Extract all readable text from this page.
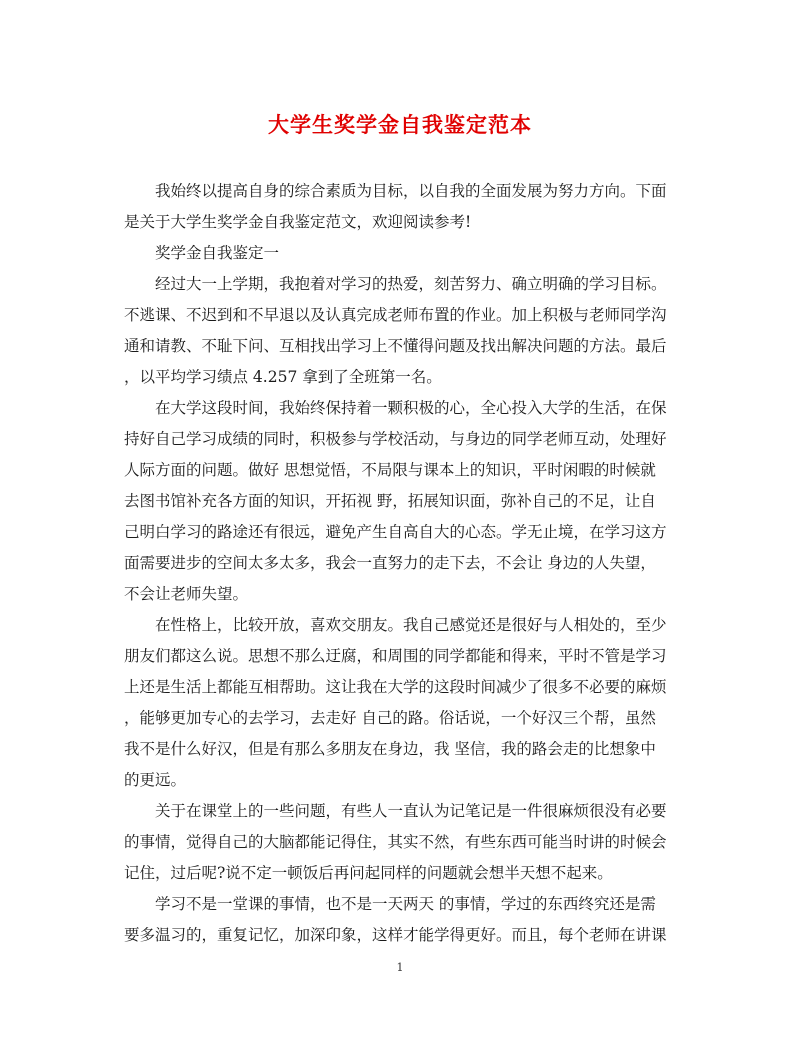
大学生奖学金自我鉴定范本
我始终以提高自身的综合素质为目标，以自我的全面发展为努力方向。下面
是关于大学生奖学金自我鉴定范文，欢迎阅读参考!
奖学金自我鉴定一
经过大一上学期，我抱着对学习的热爱，刻苦努力、确立明确的学习目标。
不逃课、不迟到和不早退以及认真完成老师布置的作业。加上积极与老师同学沟
通和请教、不耻下问、互相找出学习上不懂得问题及找出解决问题的方法。最后
，以平均学习绩点 4.257 拿到了全班第一名。
在大学这段时间，我始终保持着一颗积极的心，全心投入大学的生活，在保
持好自己学习成绩的同时，积极参与学校活动，与身边的同学老师互动，处理好
人际方面的问题。做好 思想觉悟，不局限与课本上的知识，平时闲暇的时候就
去图书馆补充各方面的知识，开拓视 野，拓展知识面，弥补自己的不足，让自
己明白学习的路途还有很远，避免产生自高自大的心态。学无止境，在学习这方
面需要进步的空间太多太多，我会一直努力的走下去，不会让 身边的人失望，
不会让老师失望。
在性格上，比较开放，喜欢交朋友。我自己感觉还是很好与人相处的，至少
朋友们都这么说。思想不那么迂腐，和周围的同学都能和得来，平时不管是学习
上还是生活上都能互相帮助。这让我在大学的这段时间减少了很多不必要的麻烦
，能够更加专心的去学习，去走好 自己的路。俗话说，一个好汉三个帮，虽然
我不是什么好汉，但是有那么多朋友在身边，我 坚信，我的路会走的比想象中
的更远。
关于在课堂上的一些问题，有些人一直认为记笔记是一件很麻烦很没有必要
的事情，觉得自己的大脑都能记得住，其实不然，有些东西可能当时讲的时候会
记住，过后呢?说不定一顿饭后再问起同样的问题就会想半天想不起来。
学习不是一堂课的事情，也不是一天两天 的事情，学过的东西终究还是需
要多温习的，重复记忆，加深印象，这样才能学得更好。而且，每个老师在讲课
1
